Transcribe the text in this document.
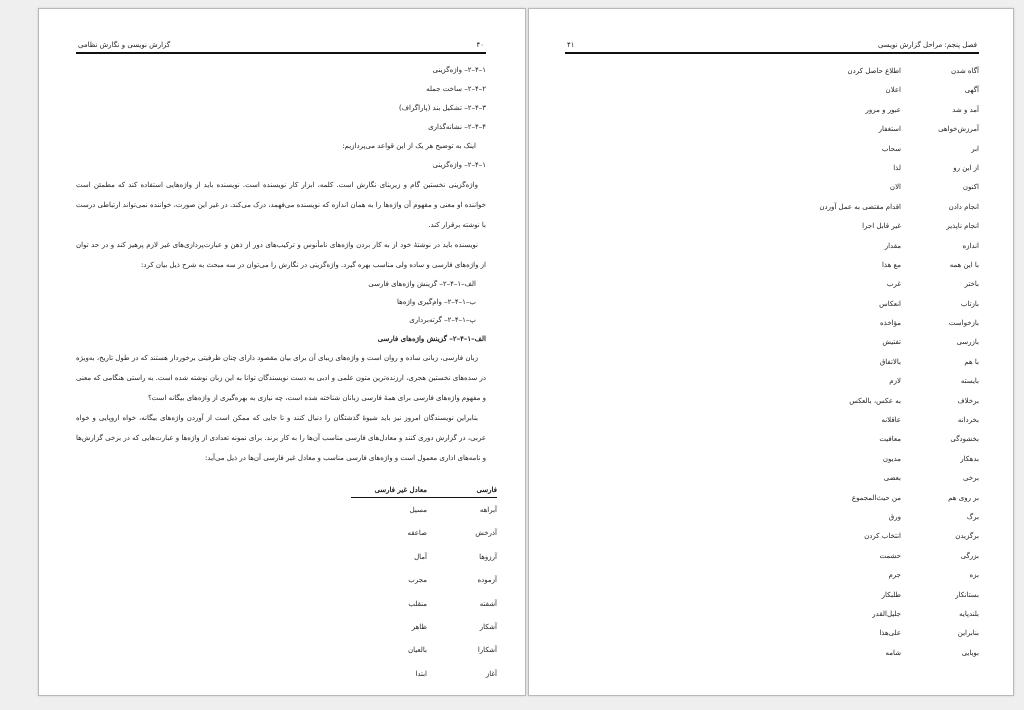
گزارش نویسی و نگارش نظامی	۴۰
۱–۴–۲– واژه‌گزینی
۲–۴–۲– ساخت جمله
۳–۴–۲– تشکیل بند (پاراگراف)
۴–۴–۲– نشانه‌گذاری
اینک به توضیح هر یک از این قواعد می‌پردازیم:
۱–۴–۲– واژه‌گزینی

واژه‌گزینی نخستین گام و زیربنای نگارش است. کلمه، ابزار کار نویسنده است. نویسنده باید از واژه‌هایی استفاده کند که مطمئن است خواننده او معنی و مفهوم آن واژه‌ها را به همان اندازه که نویسنده می‌فهمد، درک می‌کند. در غیر این صورت، خواننده نمی‌تواند ارتباطی درست با نوشته برقرار کند.

نویسنده باید در نوشتهٔ خود از به کار بردن واژه‌های نامأنوس و ترکیب‌های دور از ذهن و عبارت‌پردازی‌های غیر لازم پرهیز کند و در حد توان از واژه‌های فارسی و ساده ولی مناسب بهره گیرد. واژه‌گزینی در نگارش را می‌توان در سه مبحث به شرح ذیل بیان کرد:

الف–۱–۴–۲– گزینش واژه‌های فارسی
ب–۱–۴–۲– وام‌گیری واژه‌ها
پ–۱–۴–۲– گرته‌برداری
الف–۱–۴–۲– گزینش واژه‌های فارسی

زبان فارسی، زبانی ساده و روان است و واژه‌های زیبای آن برای بیان مقصود دارای چنان ظرفیتی برخوردار هستند که در طول تاریخ، به‌ویژه در سده‌های نخستین هجری، ارزنده‌ترین متون علمی و ادبی به دست نویسندگان توانا به این زبان نوشته شده است. به راستی هنگامی که معنی و مفهوم واژه‌های فارسی برای همهٔ فارسی زبانان شناخته شده است، چه نیازی به بهره‌گیری از واژه‌های بیگانه است؟

بنابراین نویسندگان امروز نیز باید شیوهٔ گذشتگان را دنبال کنند و تا جایی که ممکن است از آوردن واژه‌های بیگانه، خواه اروپایی و خواه عربی، در گزارش دوری کنند و معادل‌های فارسی مناسب آن‌ها را به کار برند. برای نمونه تعدادی از واژه‌ها و عبارت‌هایی که در برخی گزارش‌ها و نامه‌های اداری معمول است و واژه‌های فارسی مناسب و معادل غیر فارسی آن‌ها در ذیل می‌آید:

فارسی
معادل غیر فارسی
آبراهه
مسیل
آذرخش
صاعقه
آرزوها
آمال
آزموده
مجرب
آشفته
منقلب
آشکار
ظاهر
آشکارا
بالعیان
آغاز
ابتدا
فصل پنجم: مراحل گزارش نویسی
۴۱
آگاه شدن
اطلاع حاصل کردن
آگهی
اعلان
آمد و شد
عبور و مرور
آمرزش‌خواهی
استغفار
ابر
سحاب
از این رو
لذا
اکنون
الان
انجام دادن
اقدام مقتضی به عمل آوردن
انجام ناپذیر
غیر قابل اجرا
اندازه
مقدار
با این همه
مع هذا
باختر
غرب
بازتاب
انعکاس
بازخواست
مؤاخذه
بازرسی
تفتیش
با هم
بالاتفاق
بایسته
لازم
برخلاف
به عکس، بالعکس
بخردانه
عاقلانه
بخشودگی
معافیت
بدهکار
مدیون
برخی
بعضی
بر روی هم
من حیث‌المجموع
برگ
ورق
برگزیدن
انتخاب کردن
بزرگی
حشمت
بزه
جرم
بستانکار
طلبکار
بلندپایه
جلیل‌القدر
بنابراین
علی‌هذا
بویایی
شامه
